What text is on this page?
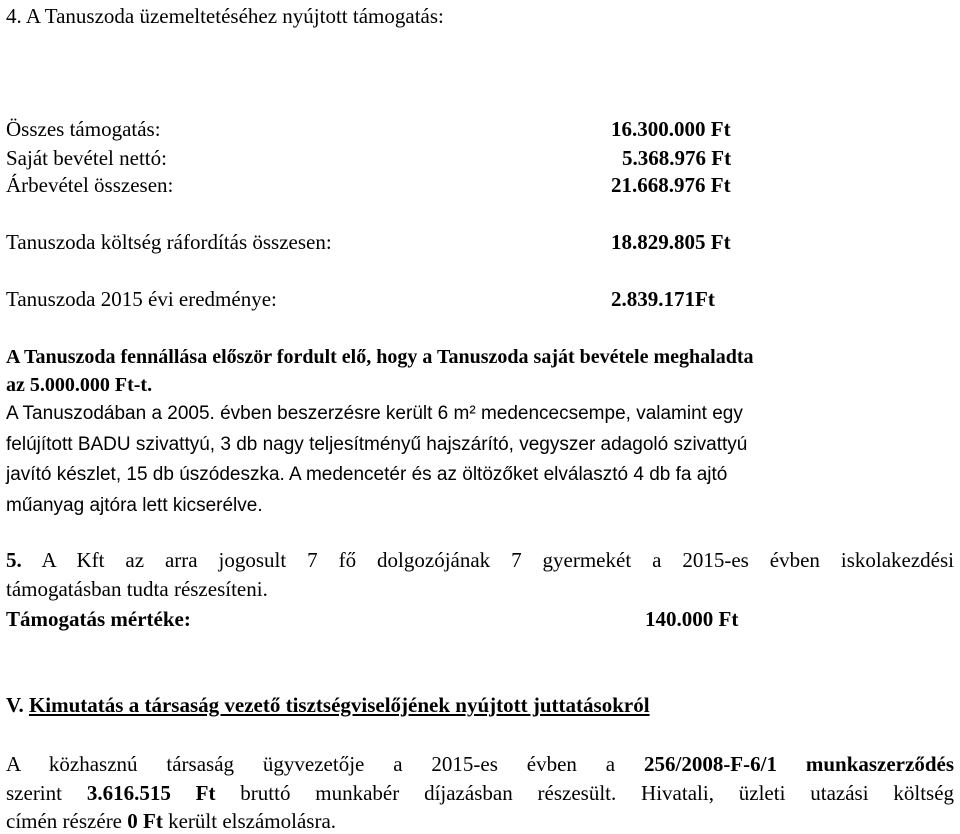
4. A Tanuszoda üzemeltetéséhez nyújtott támogatás:
Összes támogatás:	16.300.000 Ft
Saját bevétel nettó:	5.368.976 Ft
Árbevétel összesen:	21.668.976 Ft
Tanuszoda költség ráfordítás összesen:	18.829.805 Ft
Tanuszoda 2015 évi eredménye:	2.839.171Ft
A Tanuszoda fennállása először fordult elő, hogy a Tanuszoda saját bevétele meghaladta
az 5.000.000 Ft-t.
A Tanuszodában a 2005. évben beszerzésre került 6 m² medencecsempe, valamint egy
felújított BADU szivattyú, 3 db nagy teljesítményű hajszárító, vegyszer adagoló szivattyú
javító készlet, 15 db úszódeszka. A medencetér és az öltözőket elválasztó 4 db fa ajtó
műanyag ajtóra lett kicserélve.
5. A Kft az arra jogosult 7 fő dolgozójának 7 gyermekét a 2015-es évben iskolakezdési
támogatásban tudta részesíteni.
Támogatás mértéke:	140.000 Ft
V. Kimutatás a társaság vezető tisztségviselőjének nyújtott juttatásokról
A közhasznú társaság ügyvezetője a 2015-es évben a 256/2008-F-6/1 munkaszerződés
szerint 3.616.515 Ft bruttó munkabér díjazásban részesült. Hivatali, üzleti utazási költség
címén részére 0 Ft került elszámolásra.
